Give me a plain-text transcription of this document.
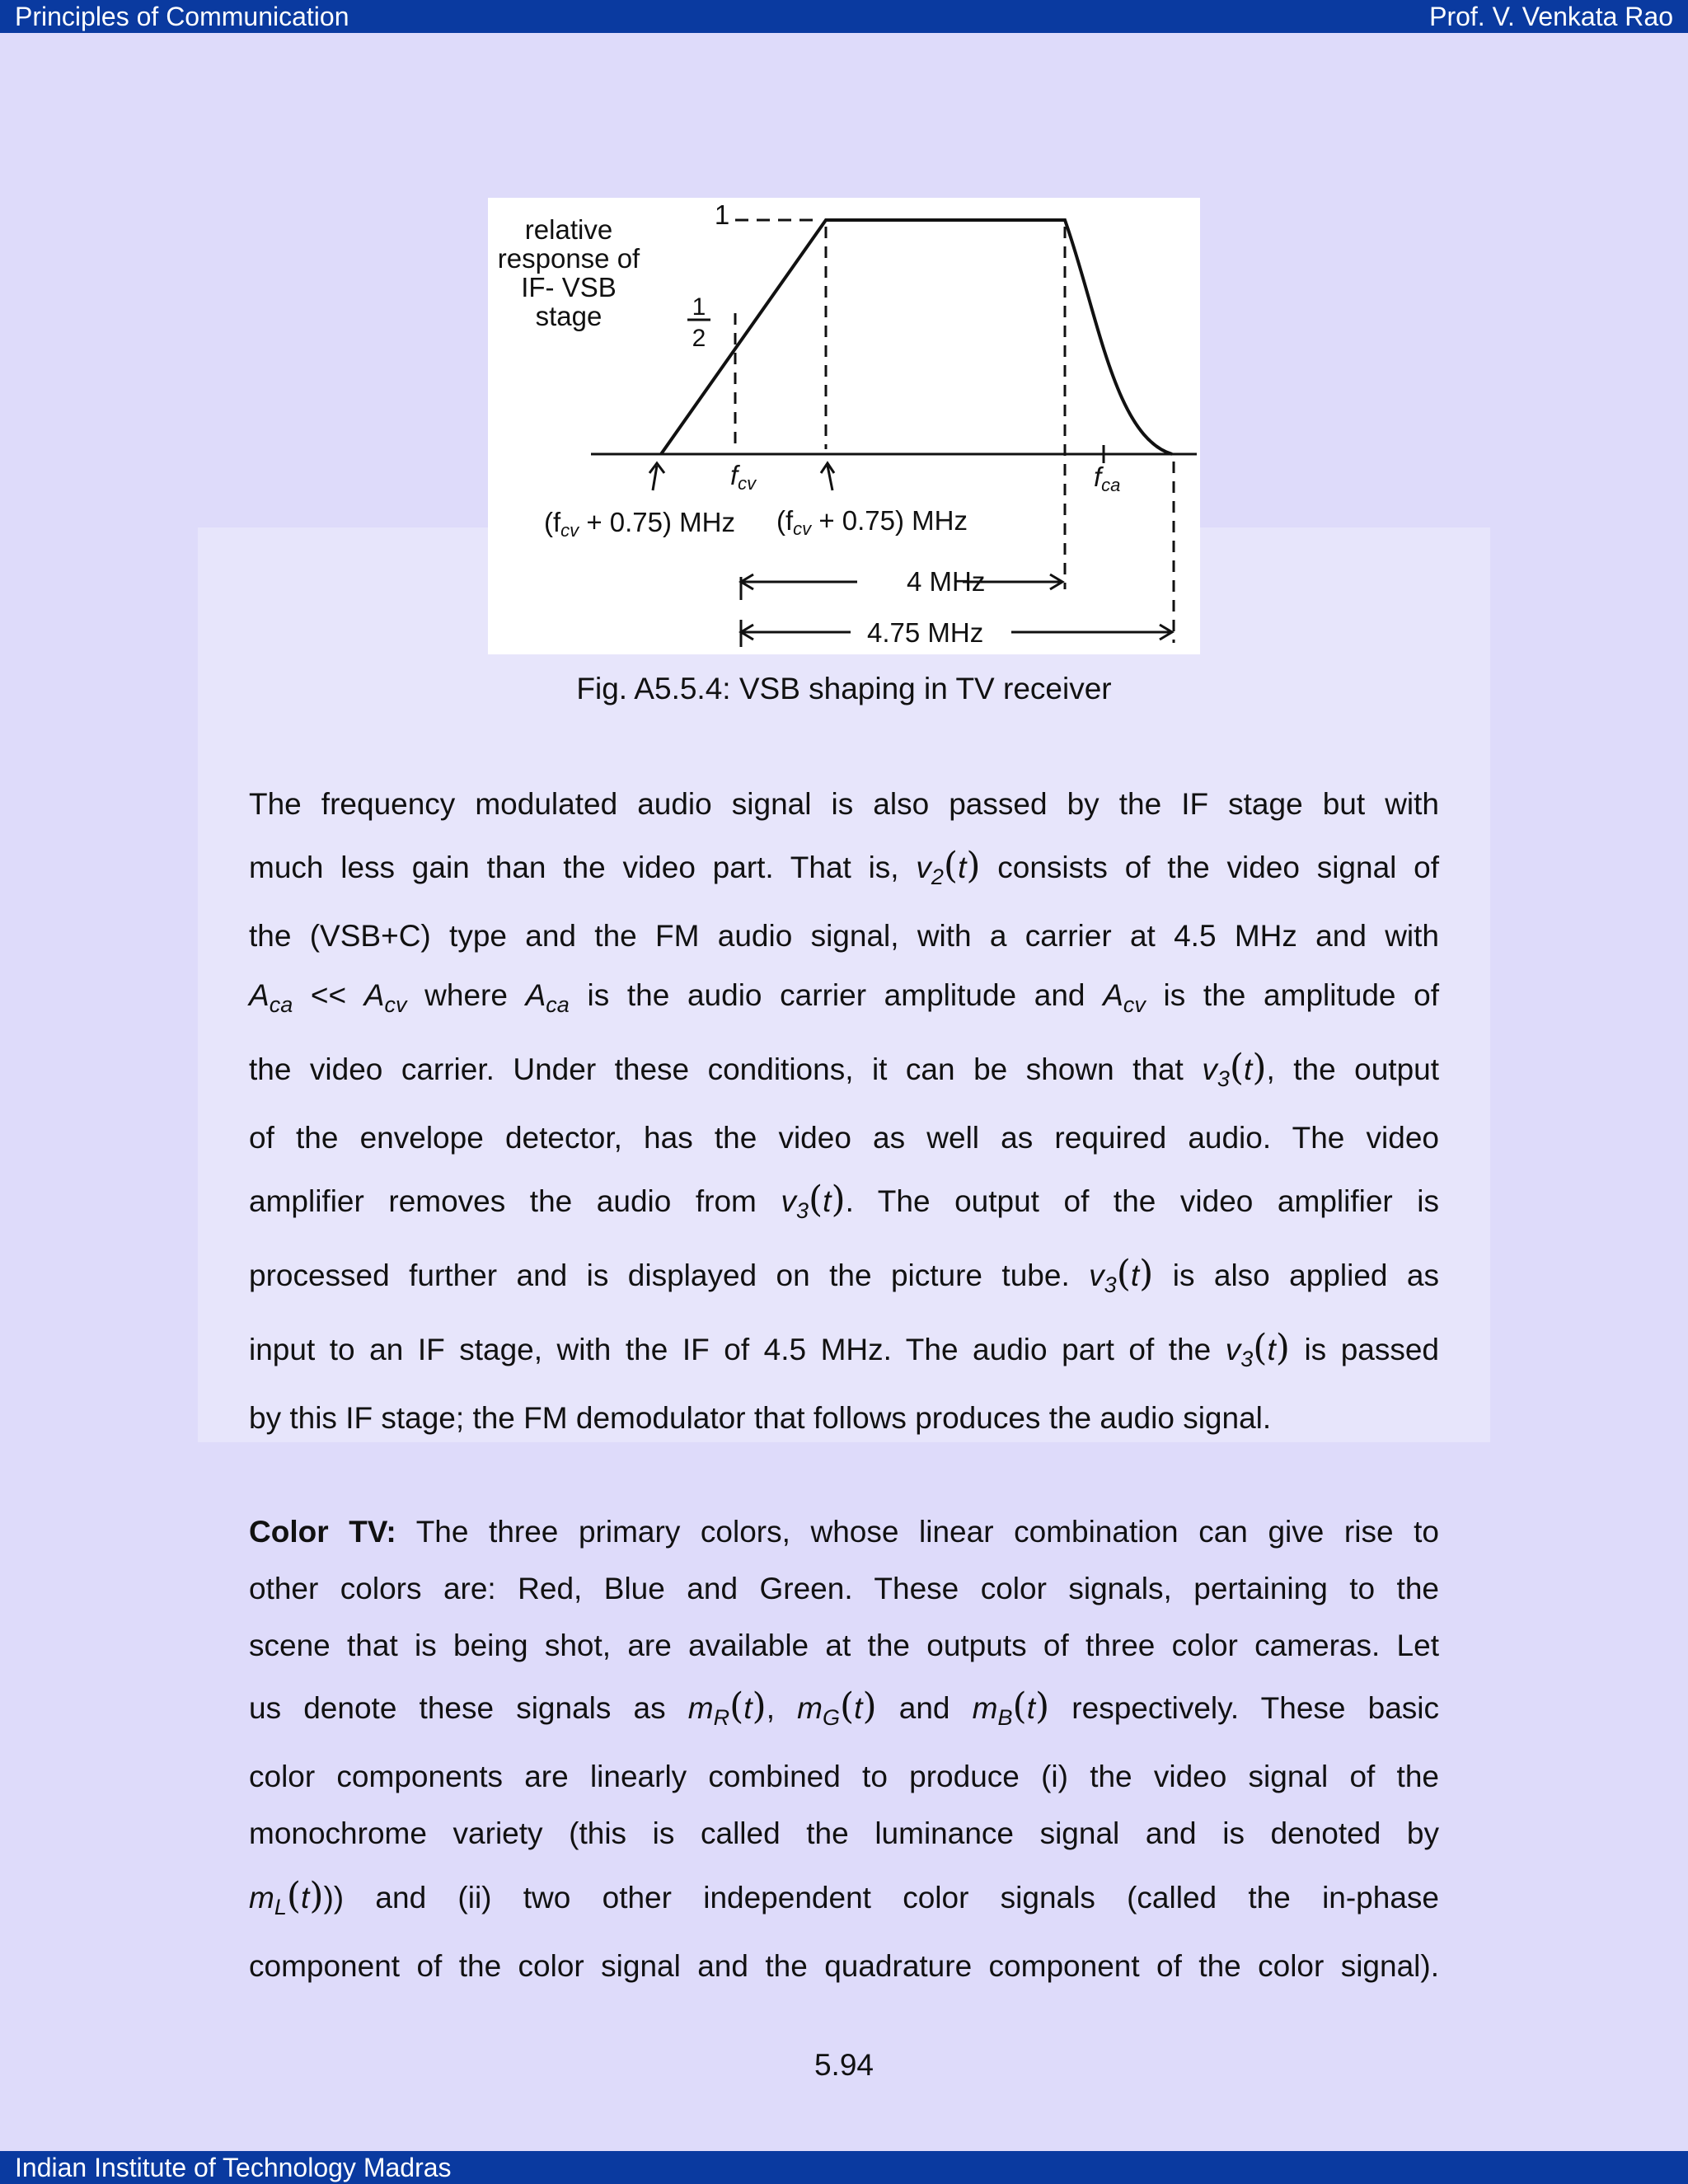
Principles of Communication	Prof. V. Venkata Rao
relative
response of
IF- VSB
stage
1
1
2
fcv	fca
(fcv + 0.75) MHz (fcv + 0.75) MHz
4 MHz
4.75 MHz
Fig. A5.5.4: VSB shaping in TV receiver
The frequency modulated audio signal is also passed by the IF stage but with
much less gain than the video part. That is, $v_2(t)$ consists of the video signal of
the (VSB+C) type and the FM audio signal, with a carrier at 4.5 MHz and with
$A_{ca} << A_{cv}$ where $A_{ca}$ is the audio carrier amplitude and $A_{cv}$ is the amplitude of
the video carrier. Under these conditions, it can be shown that $v_3(t)$, the output
of the envelope detector, has the video as well as required audio. The video
amplifier removes the audio from $v_3(t)$. The output of the video amplifier is
processed further and is displayed on the picture tube. $v_3(t)$ is also applied as
input to an IF stage, with the IF of 4.5 MHz. The audio part of the $v_3(t)$ is passed
by this IF stage; the FM demodulator that follows produces the audio signal.
Color TV: The three primary colors, whose linear combination can give rise to
other colors are: Red, Blue and Green. These color signals, pertaining to the
scene that is being shot, are available at the outputs of three color cameras. Let
us denote these signals as $m_R(t)$, $m_G(t)$ and $m_B(t)$ respectively. These basic
color components are linearly combined to produce (i) the video signal of the
monochrome variety (this is called the luminance signal and is denoted by
$m_L(t)$)) and (ii) two other independent color signals (called the in-phase
component of the color signal and the quadrature component of the color signal).
5.94
Indian Institute of Technology Madras
